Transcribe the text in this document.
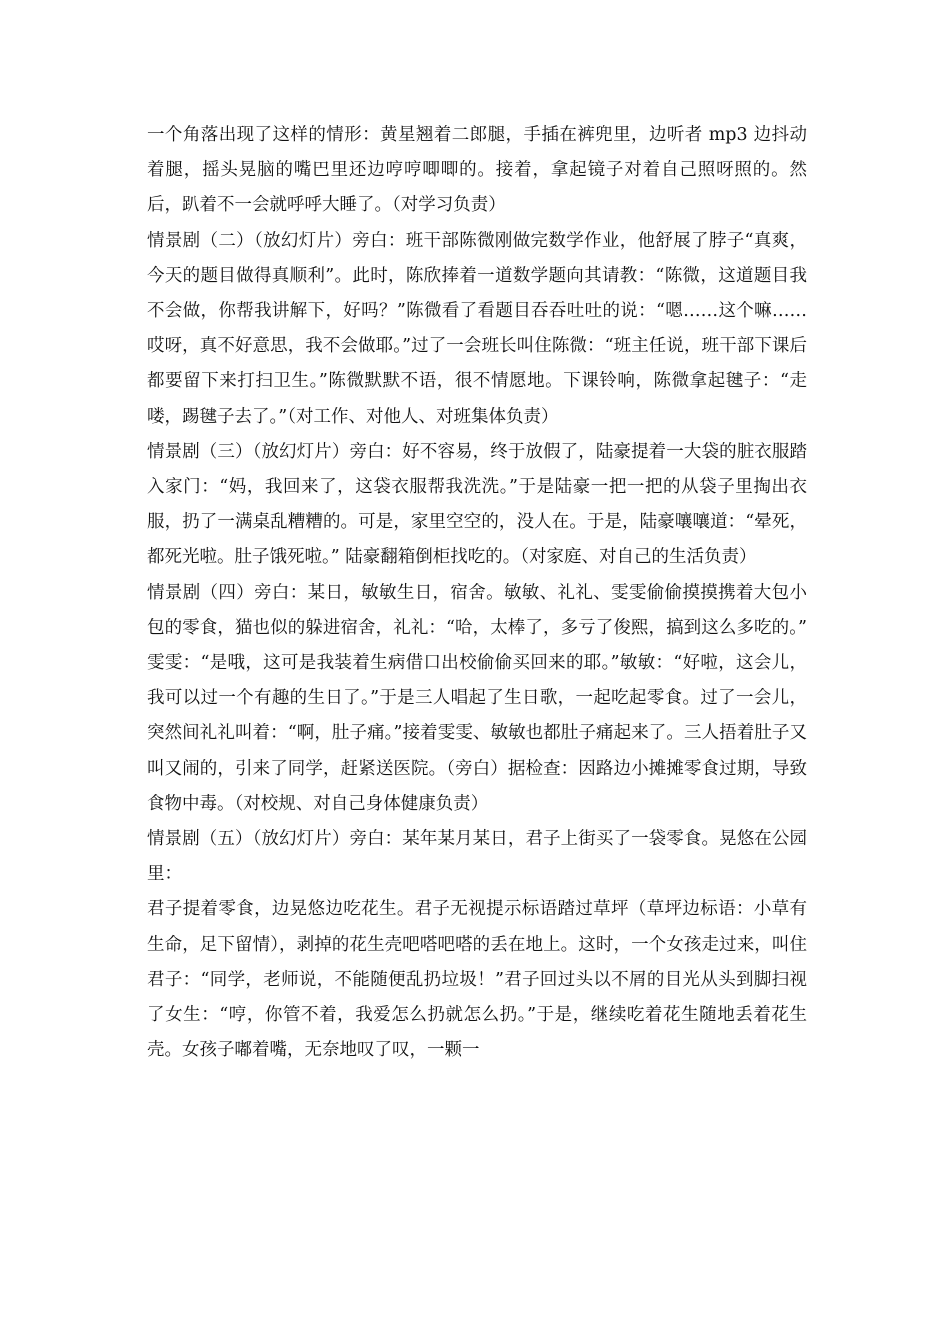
一个角落出现了这样的情形：黄星翘着二郎腿，手插在裤兜里，边听者 mp3 边抖动着腿，摇头晃脑的嘴巴里还边哼哼唧唧的。接着，拿起镜子对着自己照呀照的。然后，趴着不一会就呼呼大睡了。（对学习负责）

情景剧（二）（放幻灯片）旁白：班干部陈微刚做完数学作业，他舒展了脖子“真爽，今天的题目做得真顺利”。此时，陈欣捧着一道数学题向其请教：“陈微，这道题目我不会做，你帮我讲解下，好吗？”陈微看了看题目吞吞吐吐的说：“嗯……这个嘛……哎呀，真不好意思，我不会做耶。”过了一会班长叫住陈微：“班主任说，班干部下课后都要留下来打扫卫生。”陈微默默不语，很不情愿地。下课铃响，陈微拿起毽子：“走喽，踢毽子去了。”（对工作、对他人、对班集体负责）

情景剧（三）（放幻灯片）旁白：好不容易，终于放假了，陆豪提着一大袋的脏衣服踏入家门：“妈，我回来了，这袋衣服帮我洗洗。”于是陆豪一把一把的从袋子里掏出衣服，扔了一满桌乱糟糟的。可是，家里空空的，没人在。于是，陆豪嚷嚷道：“晕死，都死光啦。肚子饿死啦。” 陆豪翻箱倒柜找吃的。（对家庭、对自己的生活负责）

情景剧（四）旁白：某日，敏敏生日，宿舍。敏敏、礼礼、雯雯偷偷摸摸携着大包小包的零食，猫也似的躲进宿舍，礼礼：“哈，太棒了，多亏了俊熙，搞到这么多吃的。” 雯雯：“是哦，这可是我装着生病借口出校偷偷买回来的耶。”敏敏：“好啦，这会儿，我可以过一个有趣的生日了。”于是三人唱起了生日歌，一起吃起零食。过了一会儿，突然间礼礼叫着：“啊，肚子痛。”接着雯雯、敏敏也都肚子痛起来了。三人捂着肚子又叫又闹的，引来了同学，赶紧送医院。（旁白）据检查：因路边小摊摊零食过期，导致食物中毒。（对校规、对自己身体健康负责）

情景剧（五）（放幻灯片）旁白：某年某月某日，君子上街买了一袋零食。晃悠在公园里：

君子提着零食，边晃悠边吃花生。君子无视提示标语踏过草坪（草坪边标语：小草有生命，足下留情），剥掉的花生壳吧嗒吧嗒的丢在地上。这时，一个女孩走过来，叫住君子：“同学，老师说，不能随便乱扔垃圾！”君子回过头以不屑的目光从头到脚扫视了女生：“哼，你管不着，我爱怎么扔就怎么扔。”于是，继续吃着花生随地丢着花生壳。女孩子嘟着嘴，无奈地叹了叹，一颗一
